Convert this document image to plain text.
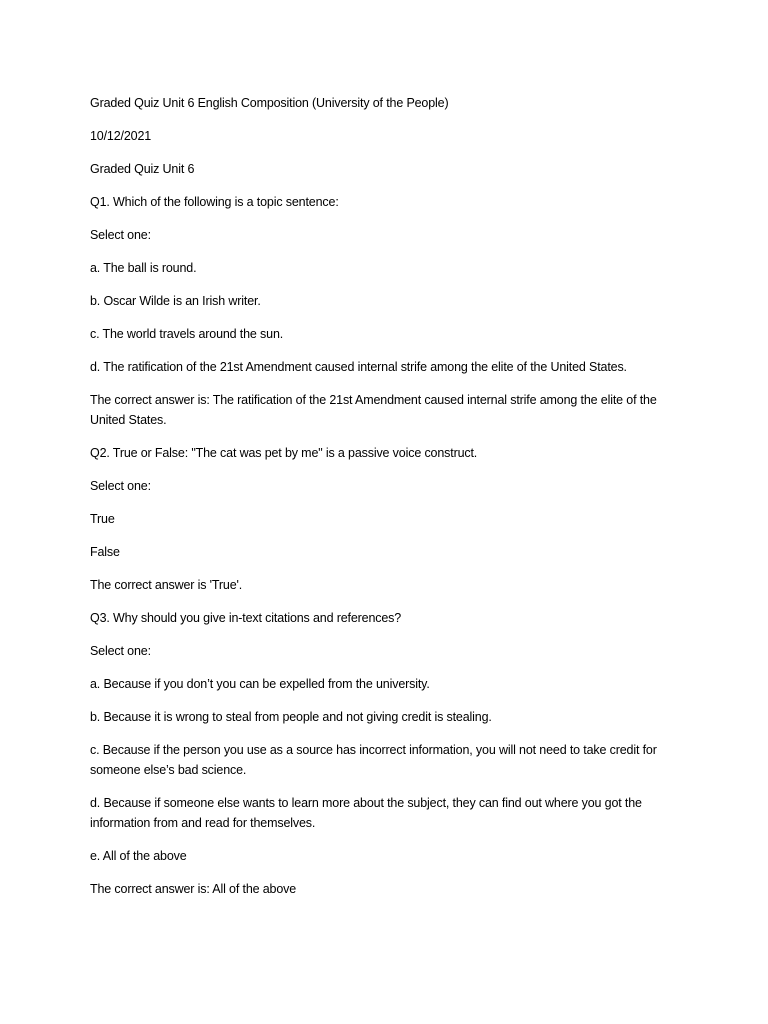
Graded Quiz Unit 6 English Composition (University of the People)

10/12/2021

Graded Quiz Unit 6

Q1. Which of the following is a topic sentence:

Select one:

a. The ball is round.

b. Oscar Wilde is an Irish writer.

c. The world travels around the sun.

d. The ratification of the 21st Amendment caused internal strife among the elite of the United States.

The correct answer is: The ratification of the 21st Amendment caused internal strife among the elite of the United States.

Q2. True or False: "The cat was pet by me" is a passive voice construct.

Select one:

True

False

The correct answer is 'True'.

Q3. Why should you give in-text citations and references?

Select one:

a. Because if you don’t you can be expelled from the university.

b. Because it is wrong to steal from people and not giving credit is stealing.

c. Because if the person you use as a source has incorrect information, you will not need to take credit for someone else’s bad science.

d. Because if someone else wants to learn more about the subject, they can find out where you got the information from and read for themselves.

e. All of the above

The correct answer is: All of the above
